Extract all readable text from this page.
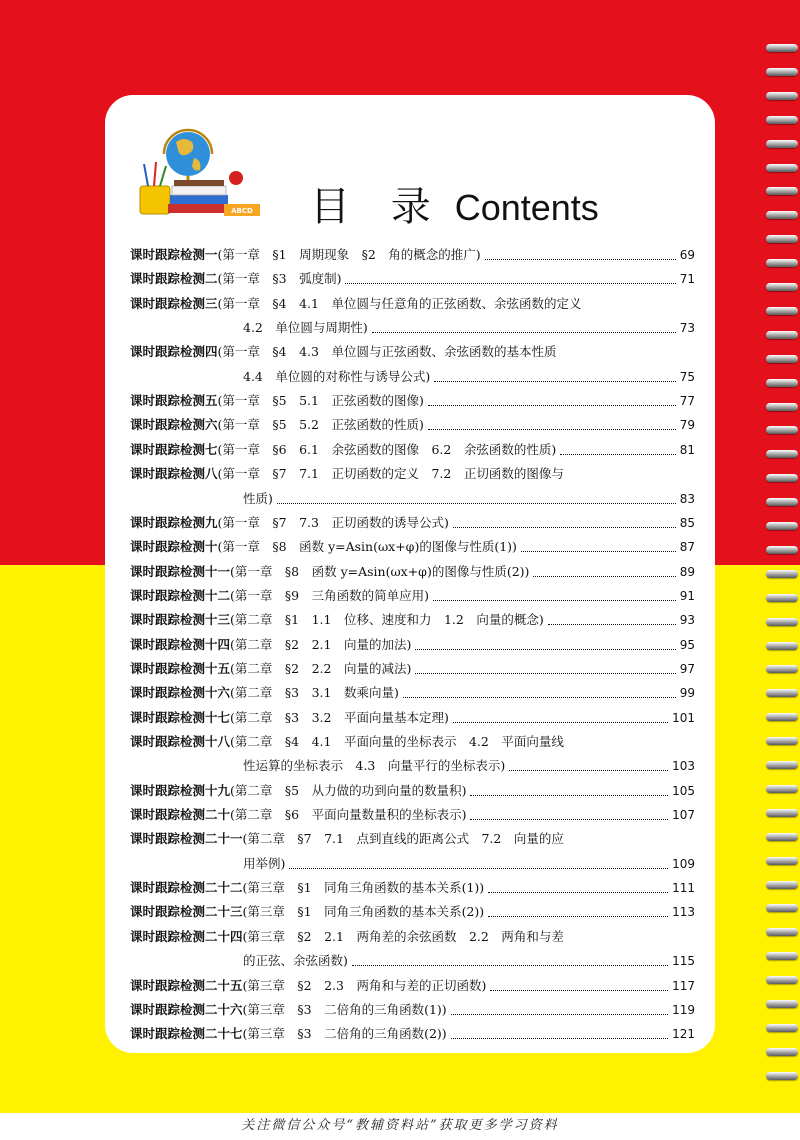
关注微信公众号“教辅资料站”获取更多学习资料
ABCD 目 录 Contents
课时跟踪检测一 (第一章　§1　周期现象　§2　角的概念的推广)	69
课时跟踪检测二 (第一章　§3　弧度制)	71
课时跟踪检测三 (第一章　§4　4.1　单位圆与任意角的正弦函数、余弦函数的定义
4.2　单位圆与周期性)	73
课时跟踪检测四 (第一章　§4　4.3　单位圆与正弦函数、余弦函数的基本性质
4.4　单位圆的对称性与诱导公式)	75
课时跟踪检测五 (第一章　§5　5.1　正弦函数的图像)	77
课时跟踪检测六 (第一章　§5　5.2　正弦函数的性质)	79
课时跟踪检测七 (第一章　§6　6.1　余弦函数的图像　6.2　余弦函数的性质)	81
课时跟踪检测八 (第一章　§7　7.1　正切函数的定义　7.2　正切函数的图像与
性质)	83
课时跟踪检测九 (第一章　§7　7.3　正切函数的诱导公式)	85
课时跟踪检测十 (第一章　§8　函数 y=Asin(ωx+φ)的图像与性质(1))	87
课时跟踪检测十一 (第一章　§8　函数 y=Asin(ωx+φ)的图像与性质(2))	89
课时跟踪检测十二 (第一章　§9　三角函数的简单应用)	91
课时跟踪检测十三 (第二章　§1　1.1　位移、速度和力　1.2　向量的概念)	93
课时跟踪检测十四 (第二章　§2　2.1　向量的加法)	95
课时跟踪检测十五 (第二章　§2　2.2　向量的减法)	97
课时跟踪检测十六 (第二章　§3　3.1　数乘向量)	99
课时跟踪检测十七 (第二章　§3　3.2　平面向量基本定理)	101
课时跟踪检测十八 (第二章　§4　4.1　平面向量的坐标表示　4.2　平面向量线
性运算的坐标表示　4.3　向量平行的坐标表示)	103
课时跟踪检测十九 (第二章　§5　从力做的功到向量的数量积)	105
课时跟踪检测二十 (第二章　§6　平面向量数量积的坐标表示)	107
课时跟踪检测二十一 (第二章　§7　7.1　点到直线的距离公式　7.2　向量的应
用举例)	109
课时跟踪检测二十二 (第三章　§1　同角三角函数的基本关系(1))	111
课时跟踪检测二十三 (第三章　§1　同角三角函数的基本关系(2))	113
课时跟踪检测二十四 (第三章　§2　2.1　两角差的余弦函数　2.2　两角和与差
的正弦、余弦函数)	115
课时跟踪检测二十五 (第三章　§2　2.3　两角和与差的正切函数)	117
课时跟踪检测二十六 (第三章　§3　二倍角的三角函数(1))	119
课时跟踪检测二十七 (第三章　§3　二倍角的三角函数(2))	121
